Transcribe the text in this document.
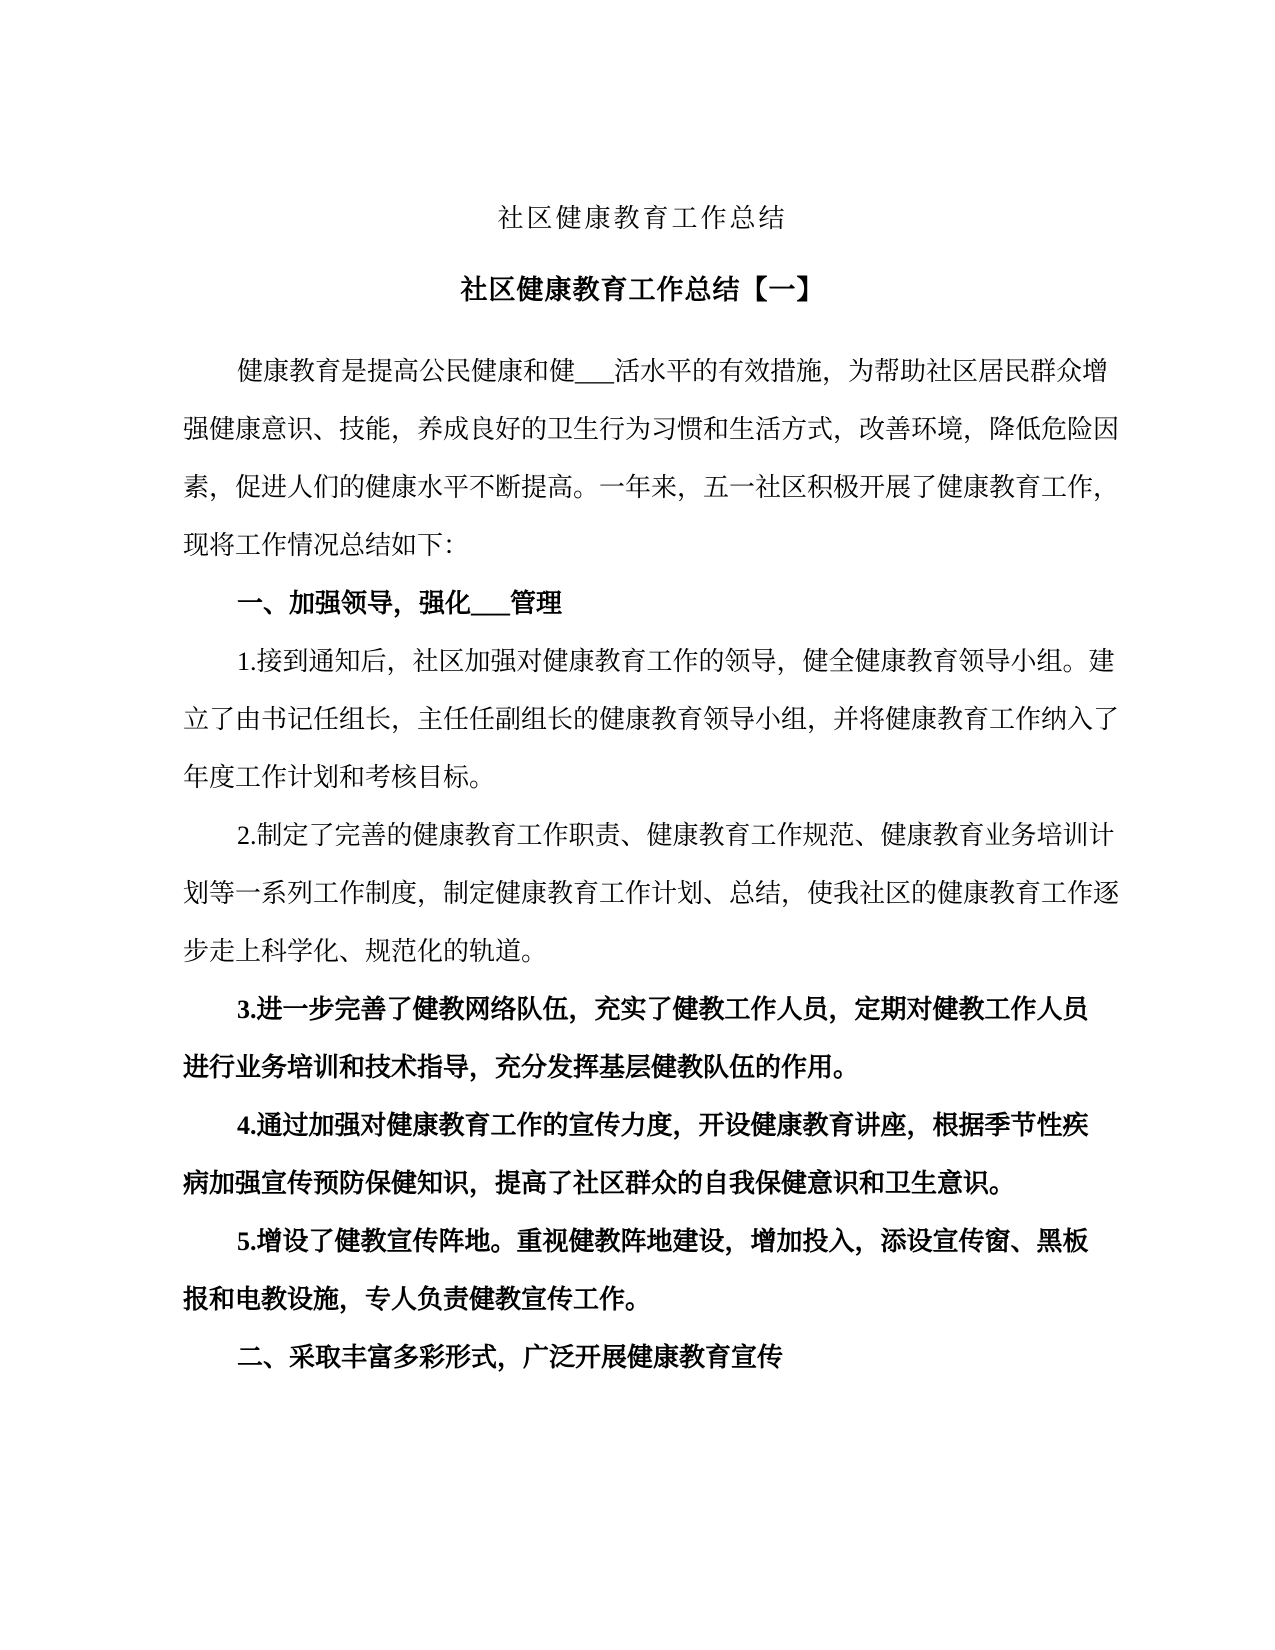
社区健康教育工作总结
社区健康教育工作总结【一】
健康教育是提高公民健康和健___活水平的有效措施，为帮助社区居民群众增
强健康意识、技能，养成良好的卫生行为习惯和生活方式，改善环境，降低危险因
素，促进人们的健康水平不断提高。一年来，五一社区积极开展了健康教育工作，
现将工作情况总结如下：
一、加强领导，强化___管理
1.接到通知后，社区加强对健康教育工作的领导，健全健康教育领导小组。建
立了由书记任组长，主任任副组长的健康教育领导小组，并将健康教育工作纳入了
年度工作计划和考核目标。
2.制定了完善的健康教育工作职责、健康教育工作规范、健康教育业务培训计
划等一系列工作制度，制定健康教育工作计划、总结，使我社区的健康教育工作逐
步走上科学化、规范化的轨道。
3.进一步完善了健教网络队伍，充实了健教工作人员，定期对健教工作人员
进行业务培训和技术指导，充分发挥基层健教队伍的作用。
4.通过加强对健康教育工作的宣传力度，开设健康教育讲座，根据季节性疾
病加强宣传预防保健知识，提高了社区群众的自我保健意识和卫生意识。
5.增设了健教宣传阵地。重视健教阵地建设，增加投入，添设宣传窗、黑板
报和电教设施，专人负责健教宣传工作。
二、采取丰富多彩形式，广泛开展健康教育宣传
